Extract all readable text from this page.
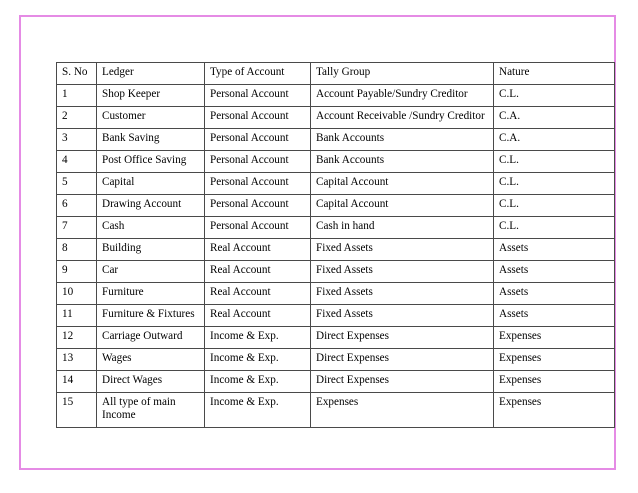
S. No	Ledger	Type of Account	Tally Group	Nature
1	Shop Keeper	Personal Account	Account Payable/Sundry Creditor	C.L.
2	Customer	Personal Account	Account Receivable /Sundry Creditor	C.A.
3	Bank Saving	Personal Account	Bank Accounts	C.A.
4	Post Office Saving	Personal Account	Bank Accounts	C.L.
5	Capital	Personal Account	Capital Account	C.L.
6	Drawing Account	Personal Account	Capital Account	C.L.
7	Cash	Personal Account	Cash in hand	C.L.
8	Building	Real Account	Fixed Assets	Assets
9	Car	Real Account	Fixed Assets	Assets
10	Furniture	Real Account	Fixed Assets	Assets
11	Furniture & Fixtures	Real Account	Fixed Assets	Assets
12	Carriage Outward	Income & Exp.	Direct Expenses	Expenses
13	Wages	Income & Exp.	Direct Expenses	Expenses
14	Direct Wages	Income & Exp.	Direct Expenses	Expenses
15	All type of main Income	Income & Exp.	Expenses	Expenses
